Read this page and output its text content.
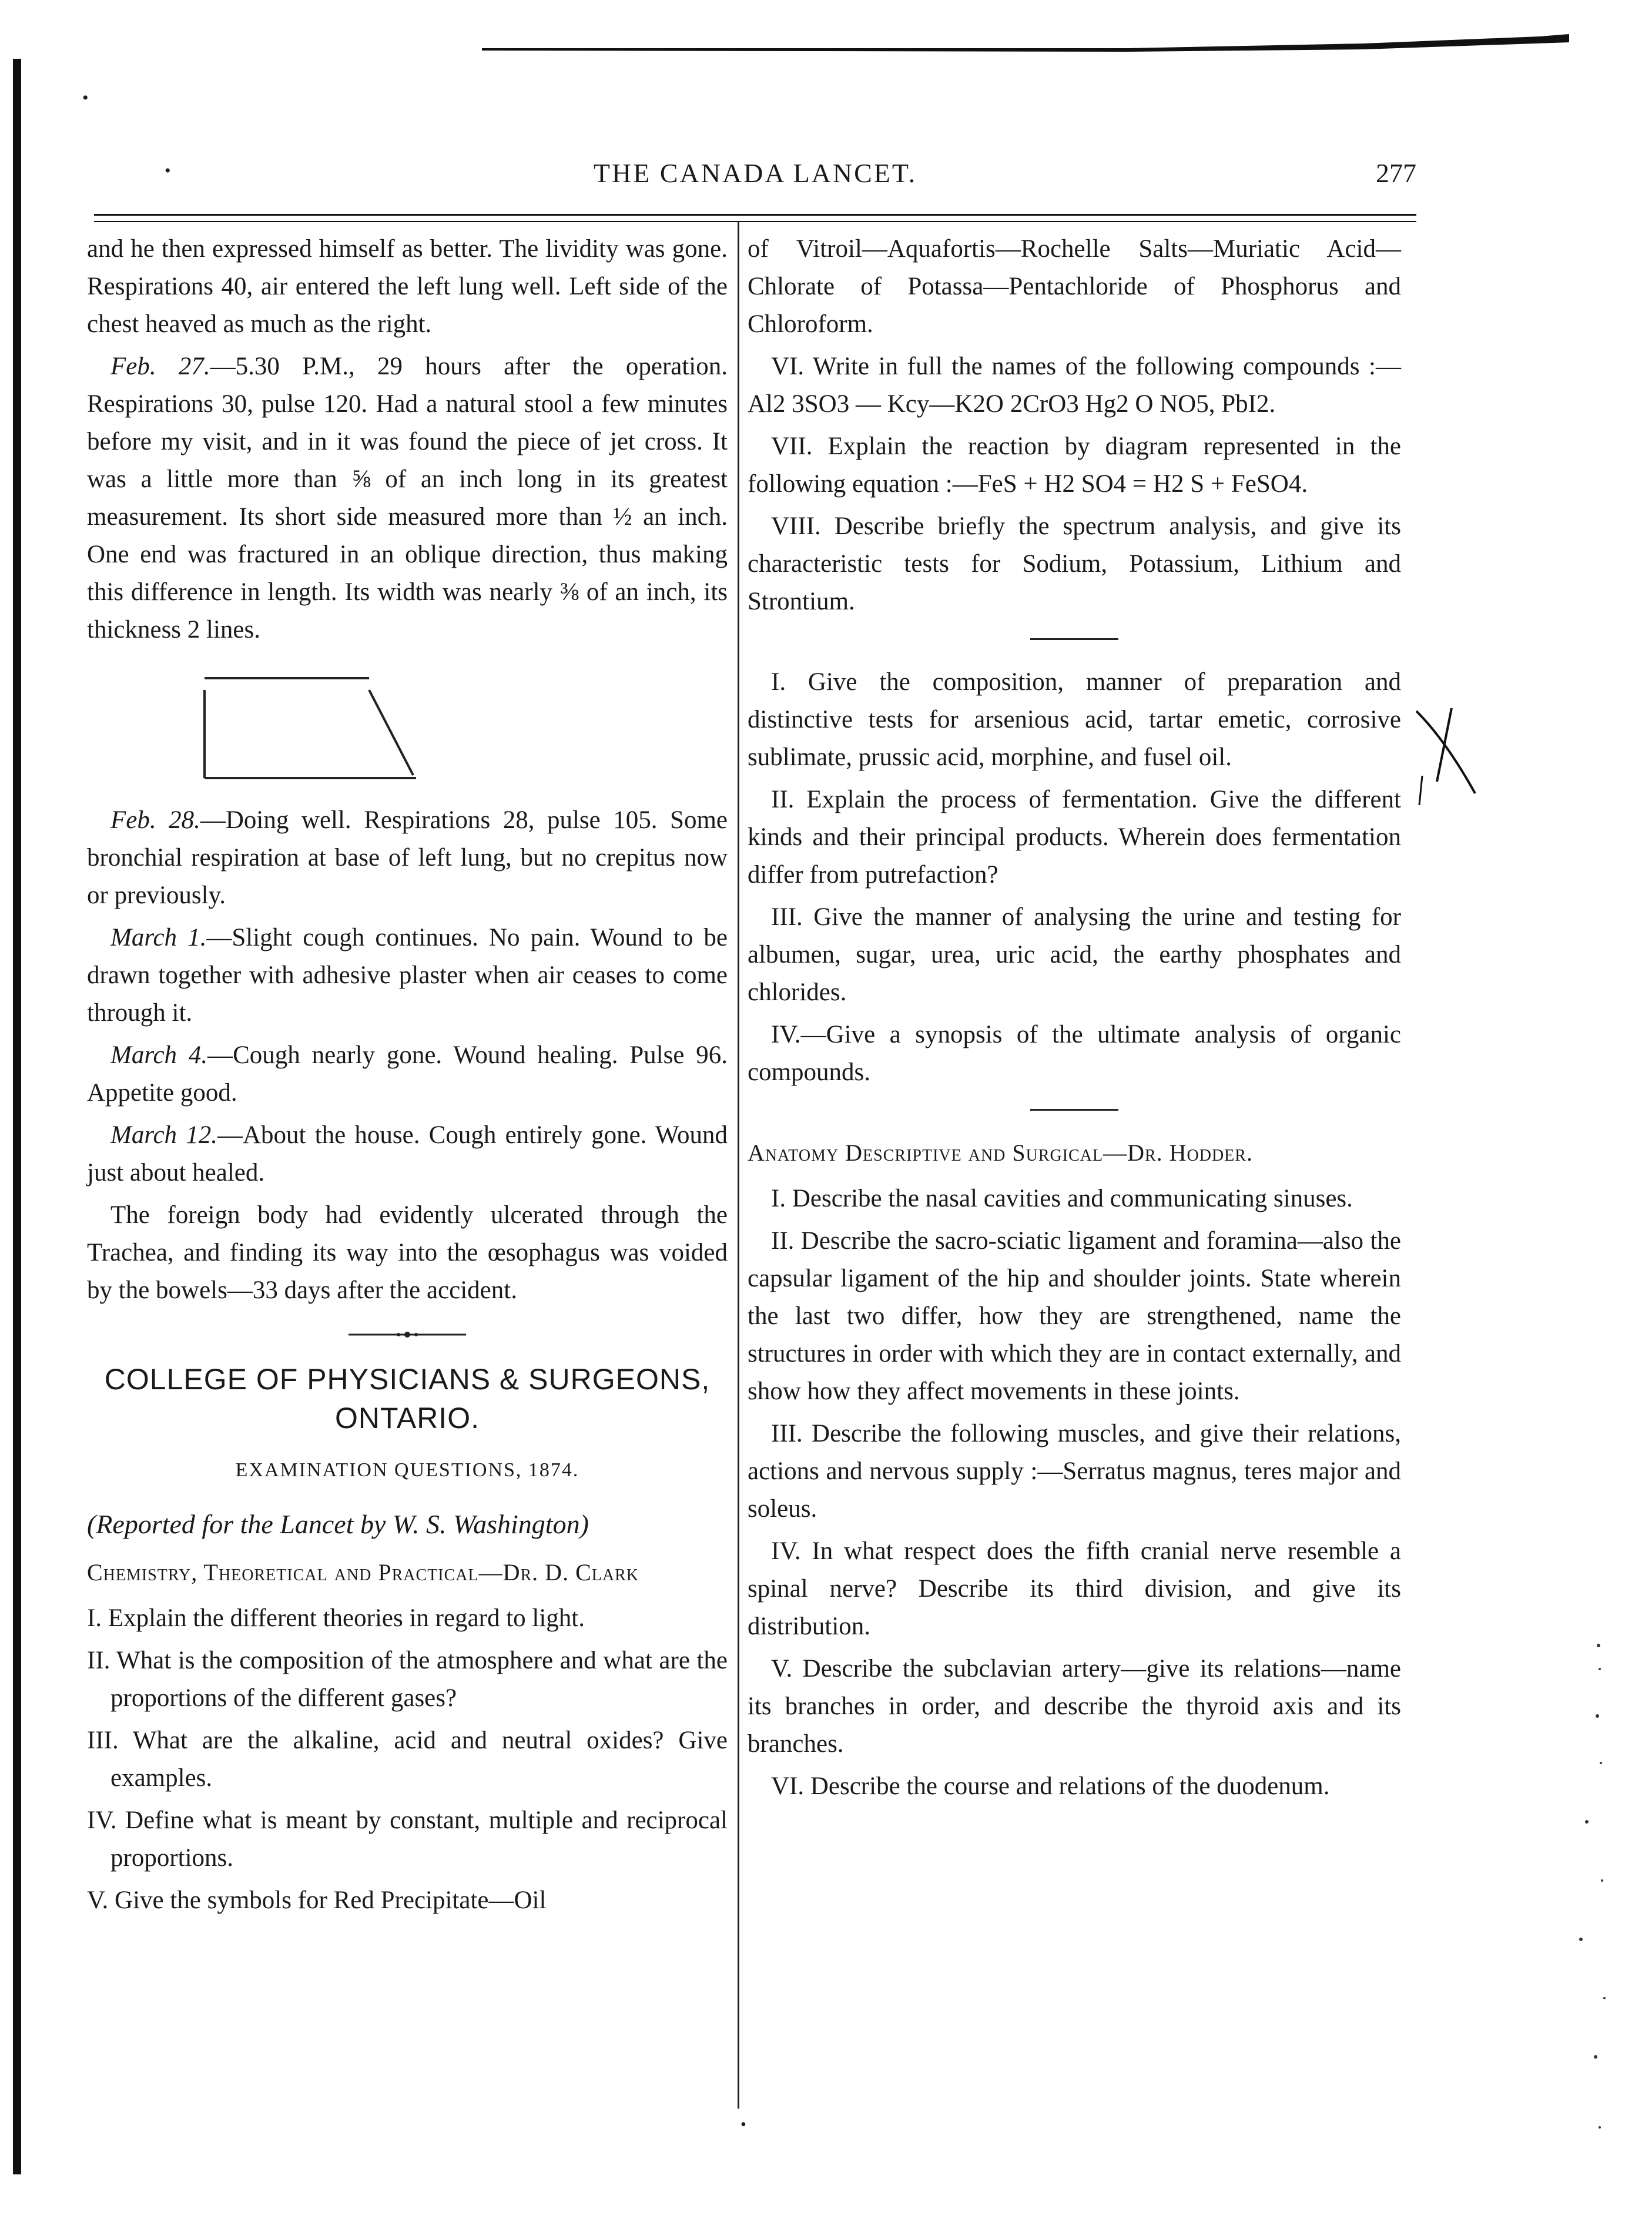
•
•	THE CANADA LANCET.	277

and he then expressed himself as better. The lividity was gone. Respirations 40, air entered the left lung well. Left side of the chest heaved as much as the right.

Feb. 27.—5.30 P.M., 29 hours after the operation. Respirations 30, pulse 120. Had a natural stool a few minutes before my visit, and in it was found the piece of jet cross. It was a little more than ⅝ of an inch long in its greatest measurement. Its short side measured more than ½ an inch. One end was fractured in an oblique direction, thus making this difference in length. Its width was nearly ⅜ of an inch, its thickness 2 lines.

Feb. 28.—Doing well. Respirations 28, pulse 105. Some bronchial respiration at base of left lung, but no crepitus now or previously.

March 1.—Slight cough continues. No pain. Wound to be drawn together with adhesive plaster when air ceases to come through it.

March 4.—Cough nearly gone. Wound healing. Pulse 96. Appetite good.

March 12.—About the house. Cough entirely gone. Wound just about healed.

The foreign body had evidently ulcerated through the Trachea, and finding its way into the œsophagus was voided by the bowels—33 days after the accident.

COLLEGE OF PHYSICIANS & SURGEONS, ONTARIO.
EXAMINATION QUESTIONS, 1874.
(Reported for the Lancet by W. S. Washington)
Chemistry, Theoretical and Practical—Dr. D. Clark

I. Explain the different theories in regard to light.

II. What is the composition of the atmosphere and what are the proportions of the different gases?

III. What are the alkaline, acid and neutral oxides? Give examples.

IV. Define what is meant by constant, multiple and reciprocal proportions.

V. Give the symbols for Red Precipitate—Oil

of Vitroil—Aquafortis—Rochelle Salts—Muriatic Acid—Chlorate of Potassa—Pentachloride of Phosphorus and Chloroform.

VI. Write in full the names of the following compounds :—Al2 3SO3 — Kcy—K2O 2CrO3 Hg2 O NO5, PbI2.

VII. Explain the reaction by diagram represented in the following equation :—FeS + H2 SO4 = H2 S + FeSO4.

VIII. Describe briefly the spectrum analysis, and give its characteristic tests for Sodium, Potassium, Lithium and Strontium.

I. Give the composition, manner of preparation and distinctive tests for arsenious acid, tartar emetic, corrosive sublimate, prussic acid, morphine, and fusel oil.

II. Explain the process of fermentation. Give the different kinds and their principal products. Wherein does fermentation differ from putrefaction?

III. Give the manner of analysing the urine and testing for albumen, sugar, urea, uric acid, the earthy phosphates and chlorides.

IV.—Give a synopsis of the ultimate analysis of organic compounds.

Anatomy Descriptive and Surgical—Dr. Hodder.

I. Describe the nasal cavities and communicating sinuses.

II. Describe the sacro-sciatic ligament and foramina—also the capsular ligament of the hip and shoulder joints. State wherein the last two differ, how they are strengthened, name the structures in order with which they are in contact externally, and show how they affect movements in these joints.

III. Describe the following muscles, and give their relations, actions and nervous supply :—Serratus magnus, teres major and soleus.

IV. In what respect does the fifth cranial nerve resemble a spinal nerve? Describe its third division, and give its distribution.

V. Describe the subclavian artery—give its relations—name its branches in order, and describe the thyroid axis and its branches.

VI. Describe the course and relations of the duodenum.

•
